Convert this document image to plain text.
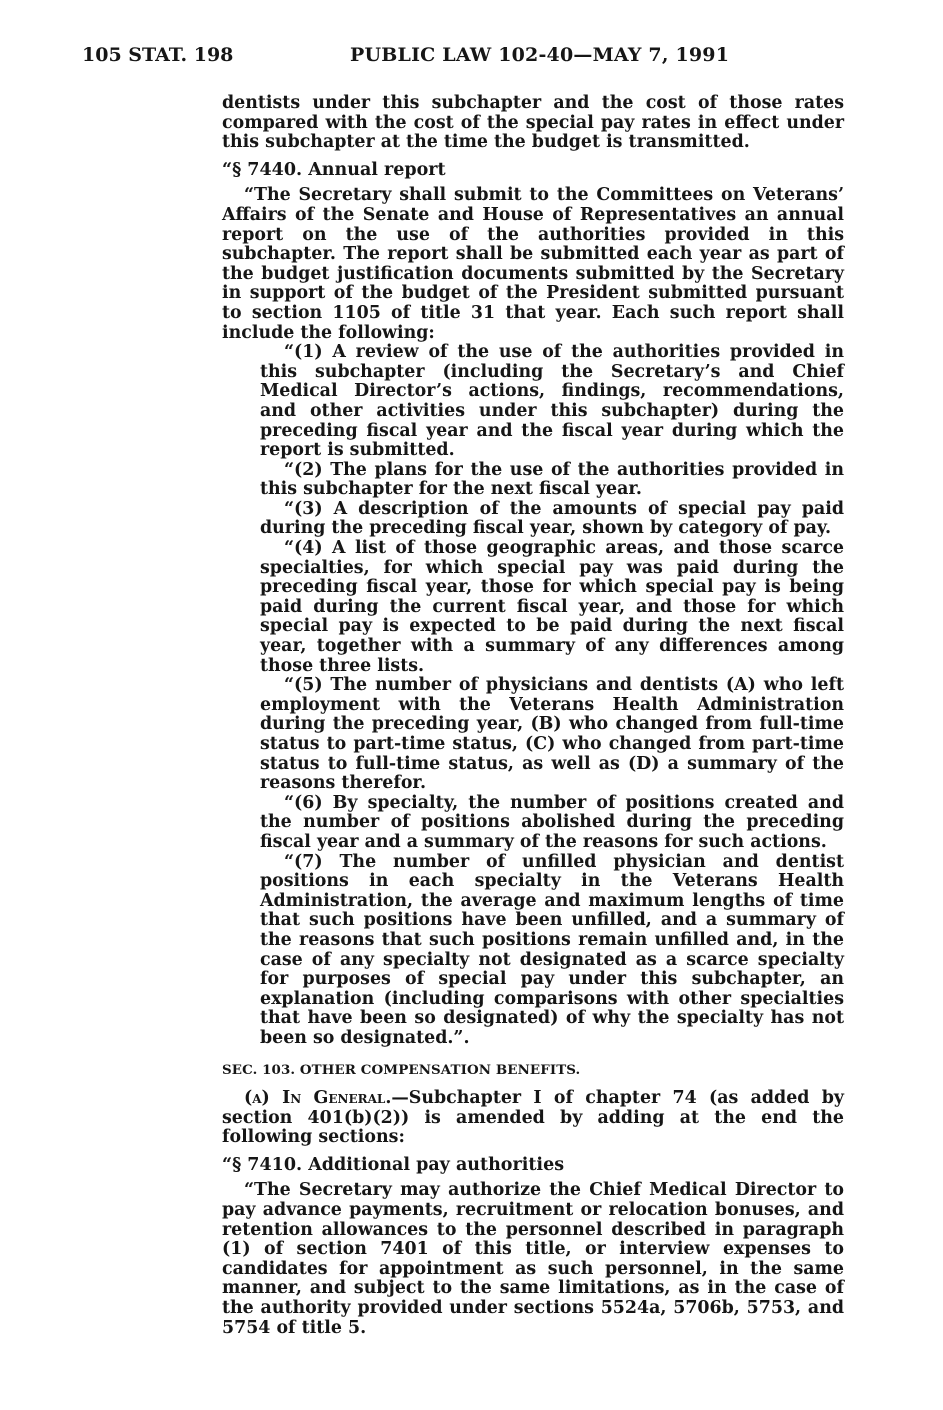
105 STAT. 198	PUBLIC LAW 102-40—MAY 7, 1991

dentists under this subchapter and the cost of those rates compared with the cost of the special pay rates in effect under this subchapter at the time the budget is transmitted.

“§ 7440. Annual report

“The Secretary shall submit to the Committees on Veterans’ Affairs of the Senate and House of Representatives an annual report on the use of the authorities provided in this subchapter. The report shall be submitted each year as part of the budget justification documents submitted by the Secretary in support of the budget of the President submitted pursuant to section 1105 of title 31 that year. Each such report shall include the following:

“(1) A review of the use of the authorities provided in this subchapter (including the Secretary’s and Chief Medical Director’s actions, findings, recommendations, and other activities under this subchapter) during the preceding fiscal year and the fiscal year during which the report is submitted.

“(2) The plans for the use of the authorities provided in this subchapter for the next fiscal year.

“(3) A description of the amounts of special pay paid during the preceding fiscal year, shown by category of pay.

“(4) A list of those geographic areas, and those scarce specialties, for which special pay was paid during the preceding fiscal year, those for which special pay is being paid during the current fiscal year, and those for which special pay is expected to be paid during the next fiscal year, together with a summary of any differences among those three lists.

“(5) The number of physicians and dentists (A) who left employment with the Veterans Health Administration during the preceding year, (B) who changed from full-time status to part-time status, (C) who changed from part-time status to full-time status, as well as (D) a summary of the reasons therefor.

“(6) By specialty, the number of positions created and the number of positions abolished during the preceding fiscal year and a summary of the reasons for such actions.

“(7) The number of unfilled physician and dentist positions in each specialty in the Veterans Health Administration, the average and maximum lengths of time that such positions have been unfilled, and a summary of the reasons that such positions remain unfilled and, in the case of any specialty not designated as a scarce specialty for purposes of special pay under this subchapter, an explanation (including comparisons with other specialties that have been so designated) of why the specialty has not been so designated.”.

SEC. 103. OTHER COMPENSATION BENEFITS.

(a) In General.—Subchapter I of chapter 74 (as added by section 401(b)(2)) is amended by adding at the end the following sections:

“§ 7410. Additional pay authorities

“The Secretary may authorize the Chief Medical Director to pay advance payments, recruitment or relocation bonuses, and retention allowances to the personnel described in paragraph (1) of section 7401 of this title, or interview expenses to candidates for appointment as such personnel, in the same manner, and subject to the same limitations, as in the case of the authority provided under sections 5524a, 5706b, 5753, and 5754 of title 5.
